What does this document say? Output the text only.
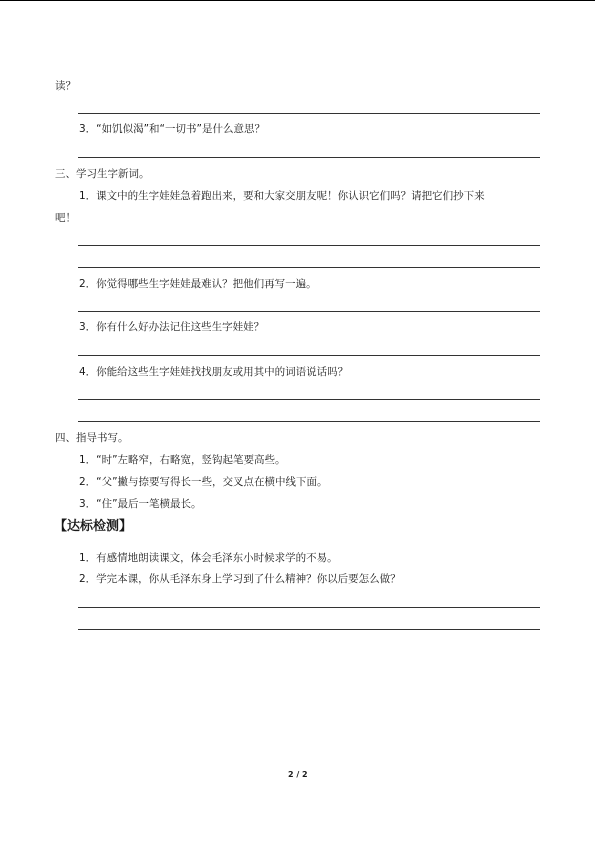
读？
3．“如饥似渴”和“一切书”是什么意思？
三、学习生字新词。
1．课文中的生字娃娃急着跑出来，要和大家交朋友呢！你认识它们吗？请把它们抄下来
吧！
2．你觉得哪些生字娃娃最难认？把他们再写一遍。
3．你有什么好办法记住这些生字娃娃？
4．你能给这些生字娃娃找找朋友或用其中的词语说话吗？
四、指导书写。
1．“时”左略窄，右略宽，竖钩起笔要高些。
2．“父”撇与捺要写得长一些，交叉点在横中线下面。
3．“住”最后一笔横最长。
【达标检测】
1．有感情地朗读课文，体会毛泽东小时候求学的不易。
2．学完本课，你从毛泽东身上学习到了什么精神？你以后要怎么做？
2 / 2
